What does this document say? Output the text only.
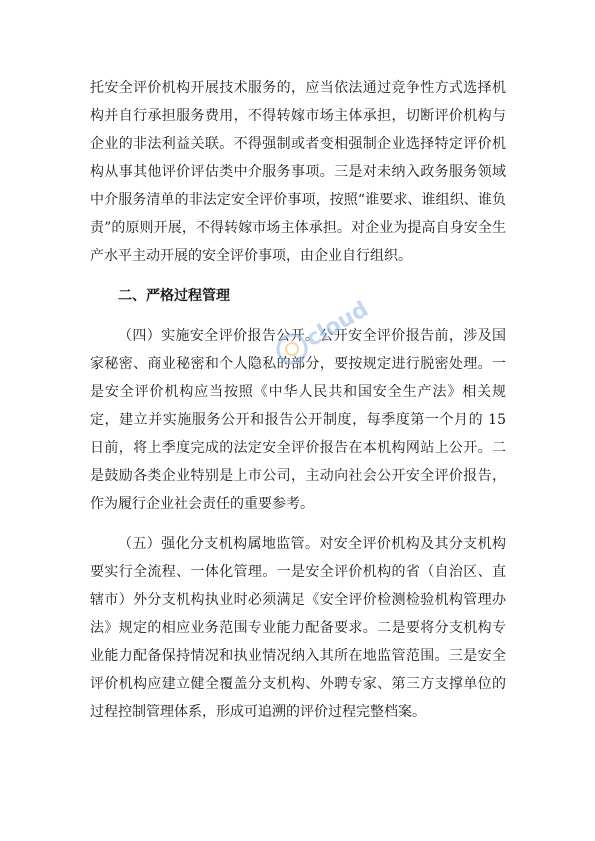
托安全评价机构开展技术服务的，应当依法通过竞争性方式选择机构并自行承担服务费用，不得转嫁市场主体承担，切断评价机构与企业的非法利益关联。不得强制或者变相强制企业选择特定评价机构从事其他评价评估类中介服务事项。三是对未纳入政务服务领域中介服务清单的非法定安全评价事项，按照“谁要求、谁组织、谁负责”的原则开展，不得转嫁市场主体承担。对企业为提高自身安全生产水平主动开展的安全评价事项，由企业自行组织。

二、严格过程管理

（四）实施安全评价报告公开。公开安全评价报告前，涉及国家秘密、商业秘密和个人隐私的部分，要按规定进行脱密处理。一是安全评价机构应当按照《中华人民共和国安全生产法》相关规定，建立并实施服务公开和报告公开制度，每季度第一个月的 15 日前，将上季度完成的法定安全评价报告在本机构网站上公开。二是鼓励各类企业特别是上市公司，主动向社会公开安全评价报告，作为履行企业社会责任的重要参考。

（五）强化分支机构属地监管。对安全评价机构及其分支机构要实行全流程、一体化管理。一是安全评价机构的省（自治区、直辖市）外分支机构执业时必须满足《安全评价检测检验机构管理办法》规定的相应业务范围专业能力配备要求。二是要将分支机构专业能力配备保持情况和执业情况纳入其所在地监管范围。三是安全评价机构应建立健全覆盖分支机构、外聘专家、第三方支撑单位的过程控制管理体系，形成可追溯的评价过程完整档案。

cloud
